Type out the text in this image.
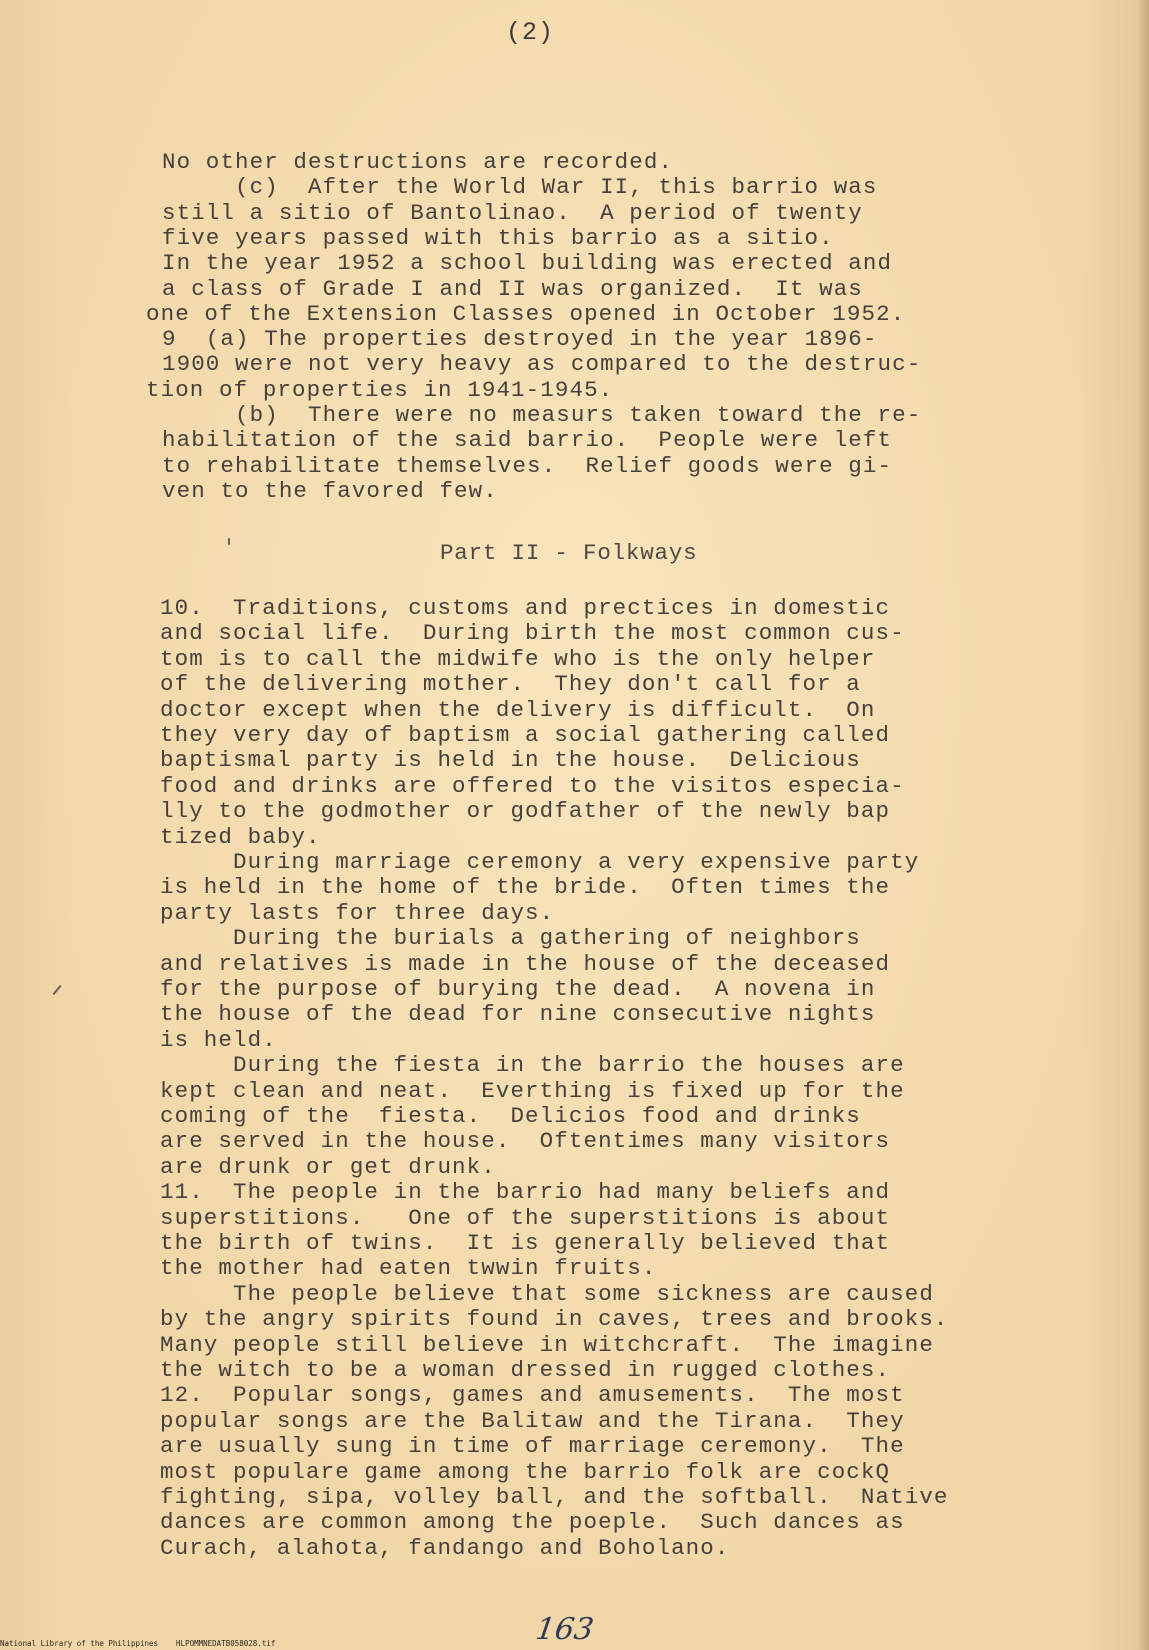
(2)
No other destructions are recorded.
(c)  After the World War II, this barrio was
still a sitio of Bantolinao.  A period of twenty
five years passed with this barrio as a sitio.
In the year 1952 a school building was erected and
a class of Grade I and II was organized.  It was
one of the Extension Classes opened in October 1952.
9  (a) The properties destroyed in the year 1896-
1900 were not very heavy as compared to the destruc-
tion of properties in 1941-1945.
(b)  There were no measurs taken toward the re-
habilitation of the said barrio.  People were left
to rehabilitate themselves.  Relief goods were gi-
ven to the favored few.
Part II - Folkways
10.  Traditions, customs and prectices in domestic
and social life.  During birth the most common cus-
tom is to call the midwife who is the only helper
of the delivering mother.  They don't call for a
doctor except when the delivery is difficult.  On
they very day of baptism a social gathering called
baptismal party is held in the house.  Delicious
food and drinks are offered to the visitos especia-
lly to the godmother or godfather of the newly bap
tized baby.
During marriage ceremony a very expensive party
is held in the home of the bride.  Often times the
party lasts for three days.
During the burials a gathering of neighbors
and relatives is made in the house of the deceased
for the purpose of burying the dead.  A novena in
the house of the dead for nine consecutive nights
is held.
During the fiesta in the barrio the houses are
kept clean and neat.  Everthing is fixed up for the
coming of the  fiesta.  Delicios food and drinks
are served in the house.  Oftentimes many visitors
are drunk or get drunk.
11.  The people in the barrio had many beliefs and
superstitions.   One of the superstitions is about
the birth of twins.  It is generally believed that
the mother had eaten twwin fruits.
The people believe that some sickness are caused
by the angry spirits found in caves, trees and brooks.
Many people still believe in witchcraft.  The imagine
the witch to be a woman dressed in rugged clothes.
12.  Popular songs, games and amusements.  The most
popular songs are the Balitaw and the Tirana.  They
are usually sung in time of marriage ceremony.  The
most populare game among the barrio folk are cockQ
fighting, sipa, volley ball, and the softball.  Native
dances are common among the poeple.  Such dances as
Curach, alahota, fandango and Boholano.
163
National Library of the Philippines HLPOMMNEDATB058028.tif
